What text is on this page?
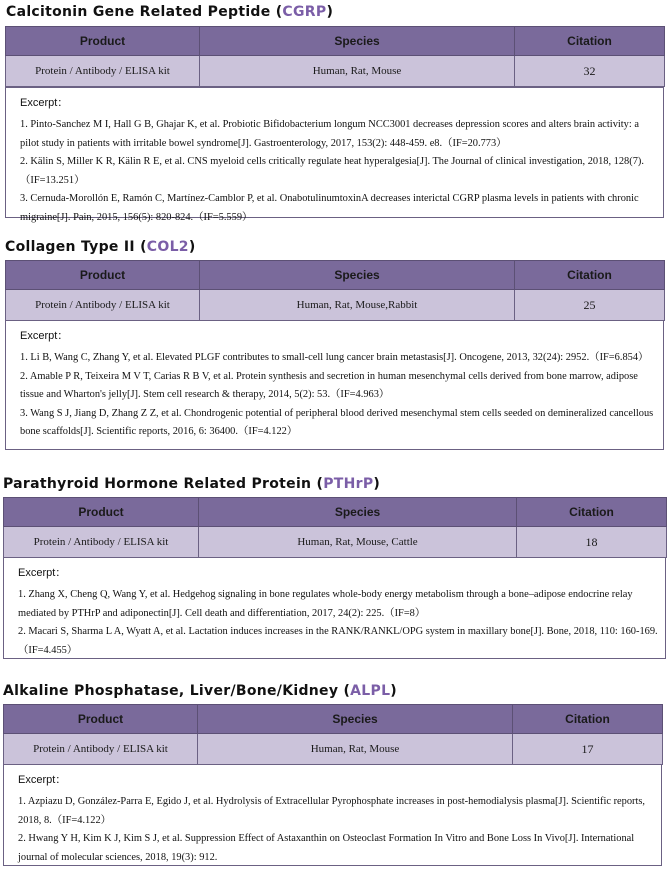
Calcitonin Gene Related Peptide (CGRP)
Product	Species	Citation
Protein / Antibody / ELISA kit	Human, Rat, Mouse	32
Excerpt：

1. Pinto-Sanchez M I, Hall G B, Ghajar K, et al. Probiotic Bifidobacterium longum NCC3001 decreases depression scores and alters brain activity: a pilot study in patients with irritable bowel syndrome[J]. Gastroenterology, 2017, 153(2): 448-459. e8.（IF=20.773）

2. Kälin S, Miller K R, Kälin R E, et al. CNS myeloid cells critically regulate heat hyperalgesia[J]. The Journal of clinical investigation, 2018, 128(7).（IF=13.251）

3. Cernuda-Morollón E, Ramón C, Martínez-Camblor P, et al. OnabotulinumtoxinA decreases interictal CGRP plasma levels in patients with chronic migraine[J]. Pain, 2015, 156(5): 820-824.（IF=5.559）

Collagen Type II (COL2)
Product	Species	Citation
Protein / Antibody / ELISA kit	Human, Rat, Mouse,Rabbit	25
Excerpt：

1. Li B, Wang C, Zhang Y, et al. Elevated PLGF contributes to small-cell lung cancer brain metastasis[J]. Oncogene, 2013, 32(24): 2952.（IF=6.854）

2. Amable P R, Teixeira M V T, Carias R B V, et al. Protein synthesis and secretion in human mesenchymal cells derived from bone marrow, adipose tissue and Wharton's jelly[J]. Stem cell research & therapy, 2014, 5(2): 53.（IF=4.963）

3. Wang S J, Jiang D, Zhang Z Z, et al. Chondrogenic potential of peripheral blood derived mesenchymal stem cells seeded on demineralized cancellous bone scaffolds[J]. Scientific reports, 2016, 6: 36400.（IF=4.122）

Parathyroid Hormone Related Protein (PTHrP)
Product	Species	Citation
Protein / Antibody / ELISA kit	Human, Rat, Mouse, Cattle	18
Excerpt：

1. Zhang X, Cheng Q, Wang Y, et al. Hedgehog signaling in bone regulates whole-body energy metabolism through a bone–adipose endocrine relay mediated by PTHrP and adiponectin[J]. Cell death and differentiation, 2017, 24(2): 225.（IF=8）

2. Macari S, Sharma L A, Wyatt A, et al. Lactation induces increases in the RANK/RANKL/OPG system in maxillary bone[J]. Bone, 2018, 110: 160-169.（IF=4.455）

Alkaline Phosphatase, Liver/Bone/Kidney (ALPL)
Product	Species	Citation
Protein / Antibody / ELISA kit	Human, Rat, Mouse	17
Excerpt：

1. Azpiazu D, González-Parra E, Egido J, et al. Hydrolysis of Extracellular Pyrophosphate increases in post-hemodialysis plasma[J]. Scientific reports, 2018, 8.（IF=4.122）

2. Hwang Y H, Kim K J, Kim S J, et al. Suppression Effect of Astaxanthin on Osteoclast Formation In Vitro and Bone Loss In Vivo[J]. International journal of molecular sciences, 2018, 19(3): 912.
